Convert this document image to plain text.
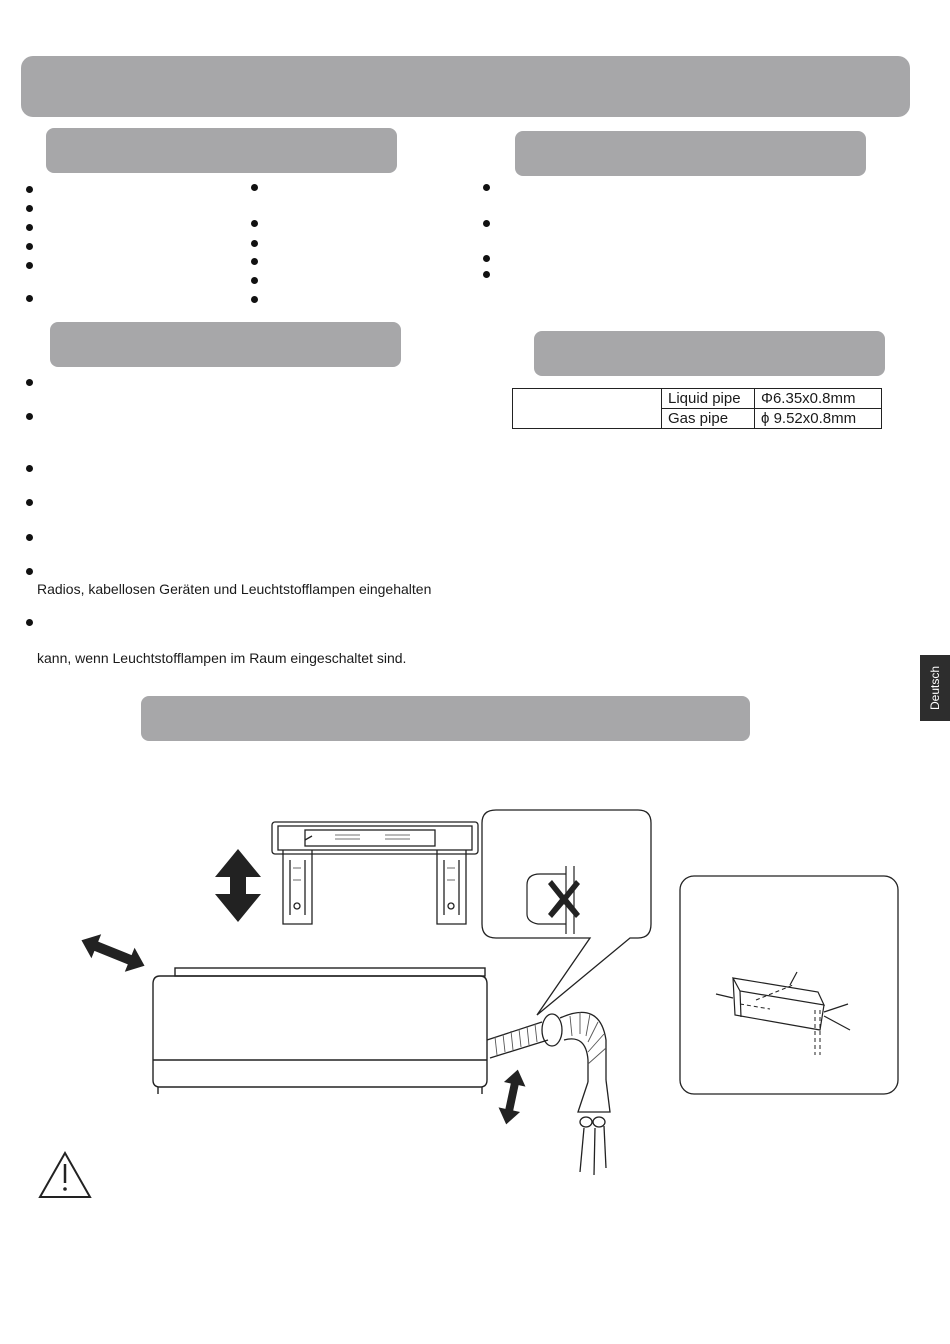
Radios, kabellosen Geräten und Leuchtstofflampen eingehalten
kann, wenn Leuchtstofflampen im Raum eingeschaltet sind.
	Liquid pipe	Φ6.35x0.8mm
	Gas pipe	ϕ 9.52x0.8mm
Deutsch
